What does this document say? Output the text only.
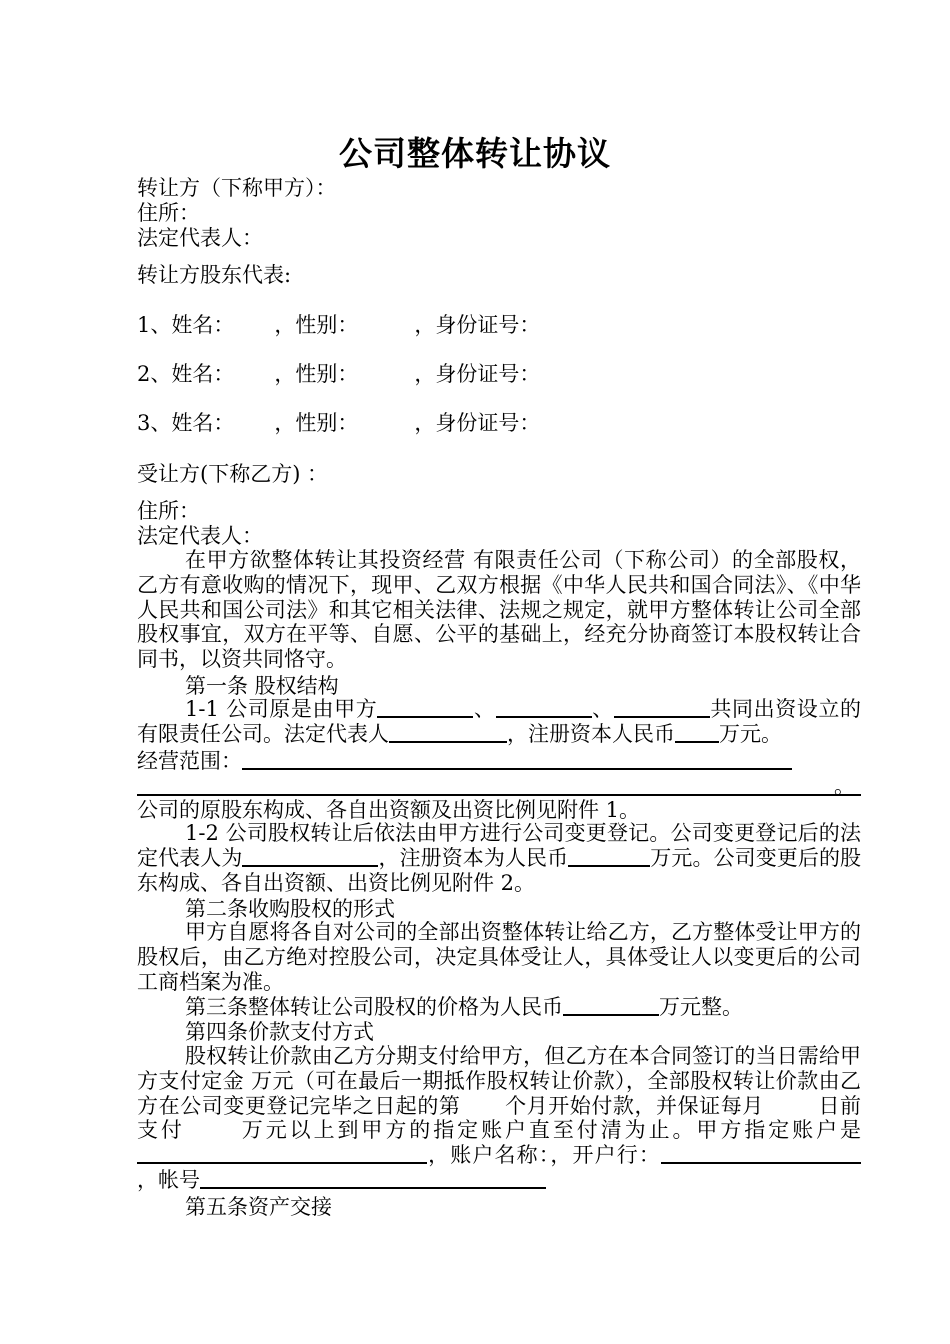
公司整体转让协议
转让方（下称甲方）：
住所：
法定代表人：
转让方股东代表:
1、姓名： ，性别：	，身份证号：
2、姓名： ，性别：	，身份证号：
3、姓名： ，性别：	，身份证号：
受让方(下称乙方) ：
住所：
法定代表人：
在甲方欲整体转让其投资经营 有限责任公司（下称公司）的全部股权，乙方有意收购的情况下，现甲、乙双方根据《中华人民共和国合同法》、《中华人民共和国公司法》和其它相关法律、法规之规定，就甲方整体转让公司全部股权事宜，双方在平等、自愿、公平的基础上，经充分协商签订本股权转让合同书，以资共同恪守。
第一条 股权结构
1-1 公司原是由甲方	、	、	共同出资设立的有限责任公司。法定代表人	，注册资本人民币 万元。
经营范围：
。
公司的原股东构成、各自出资额及出资比例见附件 1。
1-2 公司股权转让后依法由甲方进行公司变更登记。公司变更登记后的法定代表人为	，注册资本为人民币	万元。公司变更后的股东构成、各自出资额、出资比例见附件 2。
第二条收购股权的形式
甲方自愿将各自对公司的全部出资整体转让给乙方，乙方整体受让甲方的股权后，由乙方绝对控股公司，决定具体受让人，具体受让人以变更后的公司工商档案为准。
第三条整体转让公司股权的价格为人民币	万元整。
第四条价款支付方式
股权转让价款由乙方分期支付给甲方，但乙方在本合同签订的当日需给甲方支付定金 万元（可在最后一期抵作股权转让价款），全部股权转让价款由乙方在公司变更登记完毕之日起的第 个月开始付款，并保证每月	日前支付	万元以上到甲方的指定账户直至付清为止。甲方指定账户是，账户名称：，开户行：，帐号
第五条资产交接
